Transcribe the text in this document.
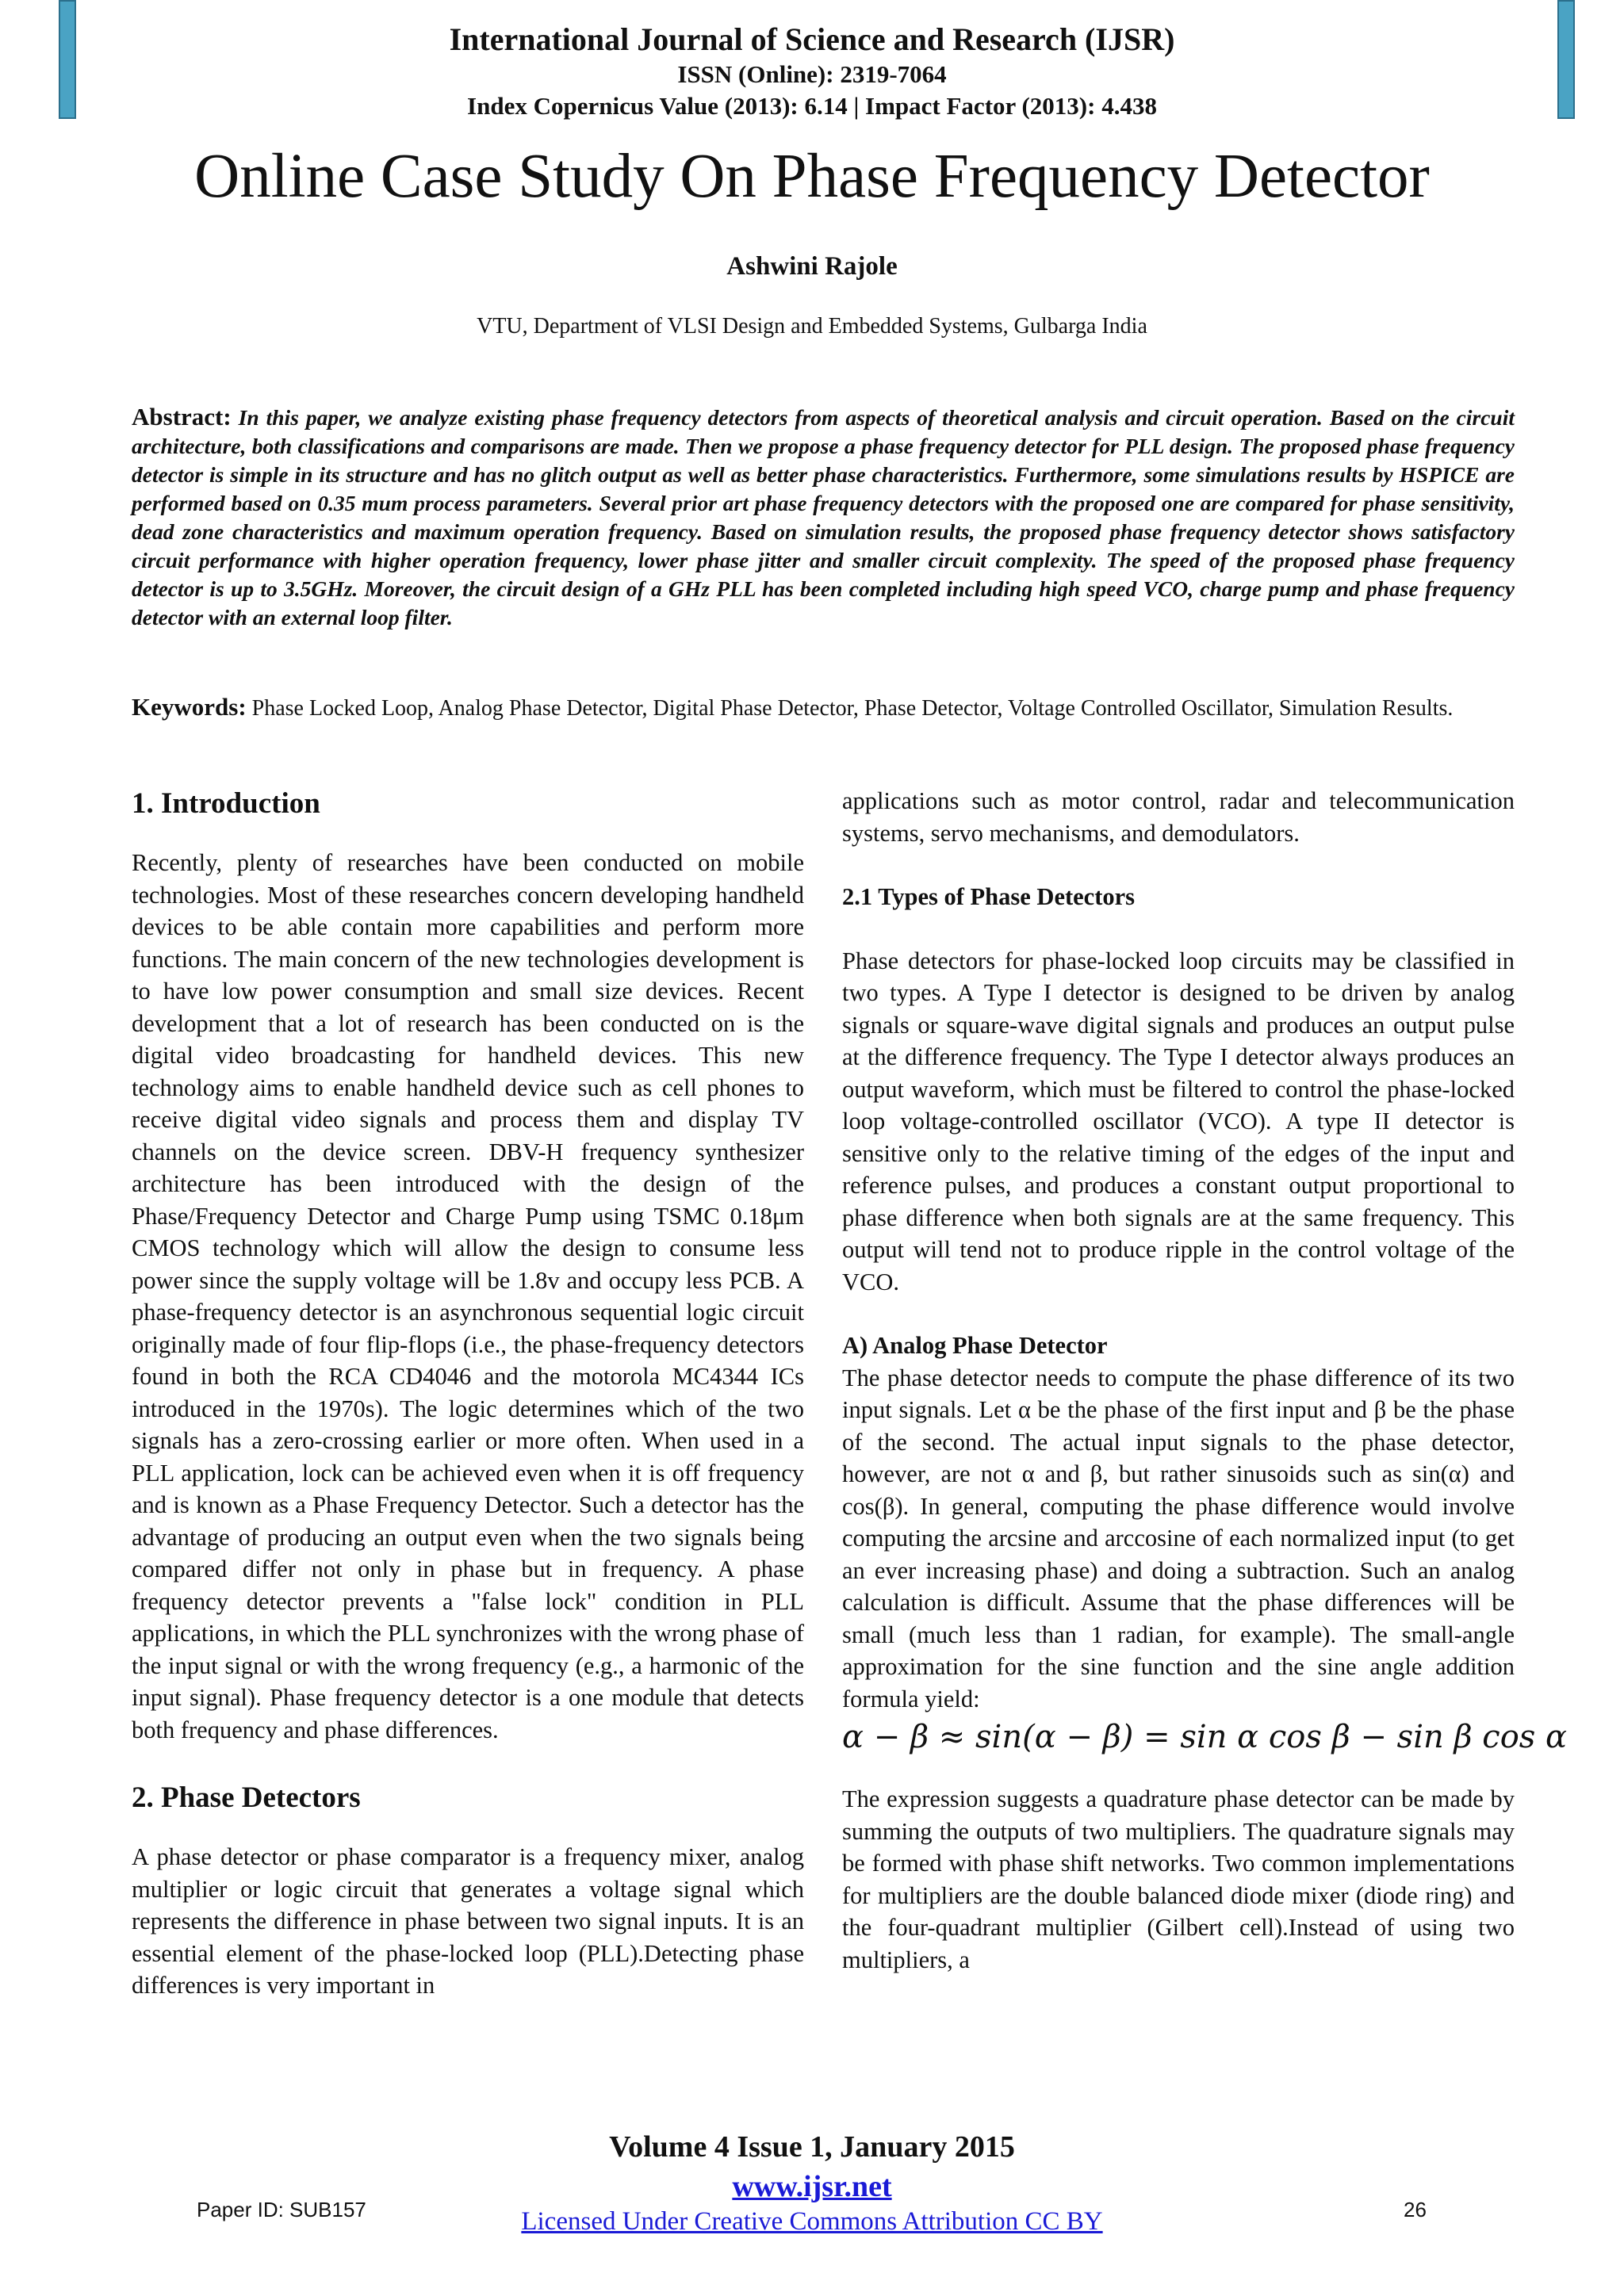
International Journal of Science and Research (IJSR)
ISSN (Online): 2319-7064
Index Copernicus Value (2013): 6.14 | Impact Factor (2013): 4.438
Online Case Study On Phase Frequency Detector
Ashwini Rajole
VTU, Department of VLSI Design and Embedded Systems, Gulbarga India
Abstract: In this paper, we analyze existing phase frequency detectors from aspects of theoretical analysis and circuit operation. Based on the circuit architecture, both classifications and comparisons are made. Then we propose a phase frequency detector for PLL design. The proposed phase frequency detector is simple in its structure and has no glitch output as well as better phase characteristics. Furthermore, some simulations results by HSPICE are performed based on 0.35 mum process parameters. Several prior art phase frequency detectors with the proposed one are compared for phase sensitivity, dead zone characteristics and maximum operation frequency. Based on simulation results, the proposed phase frequency detector shows satisfactory circuit performance with higher operation frequency, lower phase jitter and smaller circuit complexity. The speed of the proposed phase frequency detector is up to 3.5GHz. Moreover, the circuit design of a GHz PLL has been completed including high speed VCO, charge pump and phase frequency detector with an external loop filter.
Keywords: Phase Locked Loop, Analog Phase Detector, Digital Phase Detector, Phase Detector, Voltage Controlled Oscillator, Simulation Results.
1. Introduction

Recently, plenty of researches have been conducted on mobile technologies. Most of these researches concern developing handheld devices to be able contain more capabilities and perform more functions. The main concern of the new technologies development is to have low power consumption and small size devices. Recent development that a lot of research has been conducted on is the digital video broadcasting for handheld devices. This new technology aims to enable handheld device such as cell phones to receive digital video signals and process them and display TV channels on the device screen. DBV-H frequency synthesizer architecture has been introduced with the design of the Phase/Frequency Detector and Charge Pump using TSMC 0.18μm CMOS technology which will allow the design to consume less power since the supply voltage will be 1.8v and occupy less PCB. A phase-frequency detector is an asynchronous sequential logic circuit originally made of four flip-flops (i.e., the phase-frequency detectors found in both the RCA CD4046 and the motorola MC4344 ICs introduced in the 1970s). The logic determines which of the two signals has a zero-crossing earlier or more often. When used in a PLL application, lock can be achieved even when it is off frequency and is known as a Phase Frequency Detector. Such a detector has the advantage of producing an output even when the two signals being compared differ not only in phase but in frequency. A phase frequency detector prevents a "false lock" condition in PLL applications, in which the PLL synchronizes with the wrong phase of the input signal or with the wrong frequency (e.g., a harmonic of the input signal). Phase frequency detector is a one module that detects both frequency and phase differences.

2. Phase Detectors

A phase detector or phase comparator is a frequency mixer, analog multiplier or logic circuit that generates a voltage signal which represents the difference in phase between two signal inputs. It is an essential element of the phase-locked loop (PLL).Detecting phase differences is very important in

applications such as motor control, radar and telecommunication systems, servo mechanisms, and demodulators.

2.1 Types of Phase Detectors

Phase detectors for phase-locked loop circuits may be classified in two types. A Type I detector is designed to be driven by analog signals or square-wave digital signals and produces an output pulse at the difference frequency. The Type I detector always produces an output waveform, which must be filtered to control the phase-locked loop voltage-controlled oscillator (VCO). A type II detector is sensitive only to the relative timing of the edges of the input and reference pulses, and produces a constant output proportional to phase difference when both signals are at the same frequency. This output will tend not to produce ripple in the control voltage of the VCO.

A) Analog Phase Detector

The phase detector needs to compute the phase difference of its two input signals. Let α be the phase of the first input and β be the phase of the second. The actual input signals to the phase detector, however, are not α and β, but rather sinusoids such as sin(α) and cos(β). In general, computing the phase difference would involve computing the arcsine and arccosine of each normalized input (to get an ever increasing phase) and doing a subtraction. Such an analog calculation is difficult. Assume that the phase differences will be small (much less than 1 radian, for example). The small-angle approximation for the sine function and the sine angle addition formula yield:

α − β ≈ sin(α − β) = sin α cos β − sin β cos α

The expression suggests a quadrature phase detector can be made by summing the outputs of two multipliers. The quadrature signals may be formed with phase shift networks. Two common implementations for multipliers are the double balanced diode mixer (diode ring) and the four-quadrant multiplier (Gilbert cell).Instead of using two multipliers, a

Volume 4 Issue 1, January 2015
www.ijsr.net
Licensed Under Creative Commons Attribution CC BY
Paper ID: SUB157	26
